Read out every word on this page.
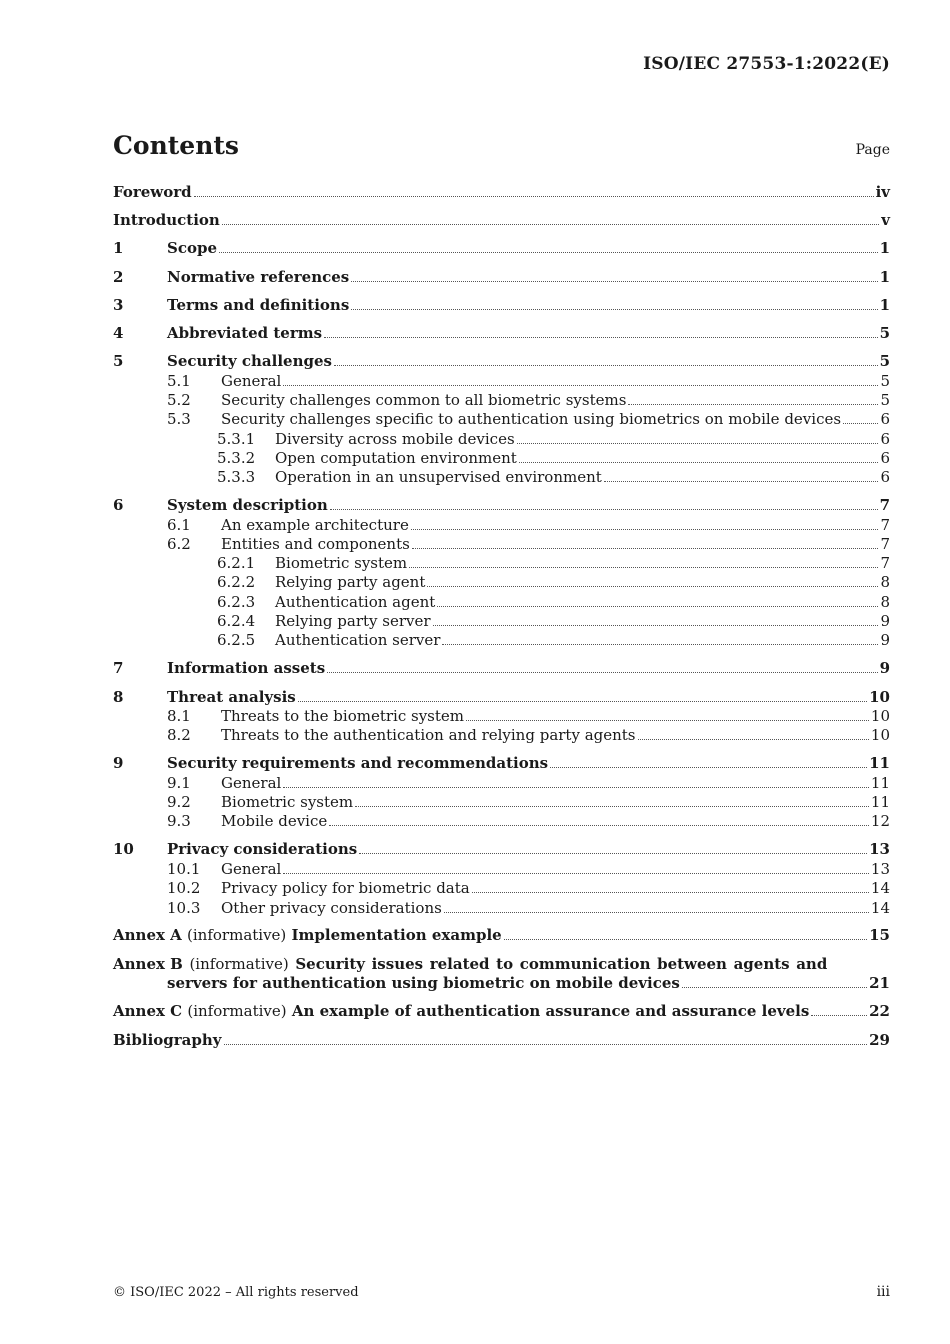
ISO/IEC 27553-1:2022(E)
Contents	Page
Foreword	iv
Introduction	v
1	Scope	1
2	Normative references	1
3	Terms and definitions	1
4	Abbreviated terms	5
5	Security challenges	5
5.1	General	5
5.2	Security challenges common to all biometric systems	5
5.3	Security challenges specific to authentication using biometrics on mobile devices	6
5.3.1	Diversity across mobile devices	6
5.3.2	Open computation environment	6
5.3.3	Operation in an unsupervised environment	6
6	System description	7
6.1	An example architecture	7
6.2	Entities and components	7
6.2.1	Biometric system	7
6.2.2	Relying party agent	8
6.2.3	Authentication agent	8
6.2.4	Relying party server	9
6.2.5	Authentication server	9
7	Information assets	9
8	Threat analysis	10
8.1	Threats to the biometric system	10
8.2	Threats to the authentication and relying party agents	10
9	Security requirements and recommendations	11
9.1	General	11
9.2	Biometric system	11
9.3	Mobile device	12
10	Privacy considerations	13
10.1	General	13
10.2	Privacy policy for biometric data	14
10.3	Other privacy considerations	14
Annex A (informative) Implementation example	15
Annex B (informative) Security issues related to communication between agents and
servers for authentication using biometric on mobile devices	21
Annex C (informative) An example of authentication assurance and assurance levels	22
Bibliography	29
© ISO/IEC 2022 – All rights reserved	iii
